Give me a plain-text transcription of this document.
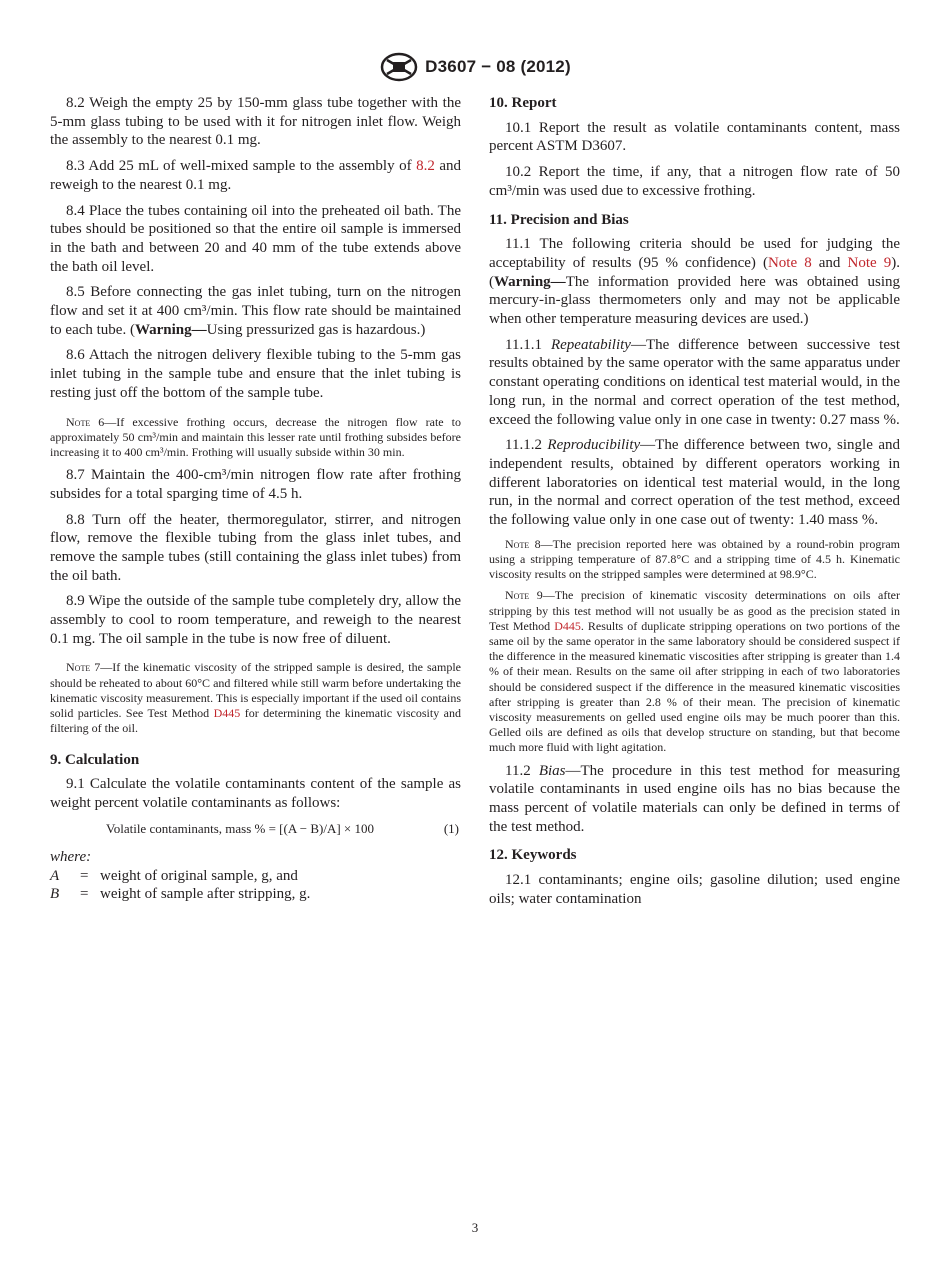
D3607 − 08 (2012)

8.2 Weigh the empty 25 by 150-mm glass tube together with the 5-mm glass tubing to be used with it for nitrogen inlet flow. Weigh the assembly to the nearest 0.1 mg.

8.3 Add 25 mL of well-mixed sample to the assembly of 8.2 and reweigh to the nearest 0.1 mg.

8.4 Place the tubes containing oil into the preheated oil bath. The tubes should be positioned so that the entire oil sample is immersed in the bath and between 20 and 40 mm of the tube extends above the bath oil level.

8.5 Before connecting the gas inlet tubing, turn on the nitrogen flow and set it at 400 cm³/min. This flow rate should be maintained to each tube. (Warning—Using pressurized gas is hazardous.)

8.6 Attach the nitrogen delivery flexible tubing to the 5-mm gas inlet tubing in the sample tube and ensure that the inlet tubing is resting just off the bottom of the sample tube.

Note 6—If excessive frothing occurs, decrease the nitrogen flow rate to approximately 50 cm³/min and maintain this lesser rate until frothing subsides before increasing it to 400 cm³/min. Frothing will usually subside within 30 min.

8.7 Maintain the 400-cm³/min nitrogen flow rate after frothing subsides for a total sparging time of 4.5 h.

8.8 Turn off the heater, thermoregulator, stirrer, and nitrogen flow, remove the flexible tubing from the glass inlet tubes, and remove the sample tubes (still containing the glass inlet tubes) from the oil bath.

8.9 Wipe the outside of the sample tube completely dry, allow the assembly to cool to room temperature, and reweigh to the nearest 0.1 mg. The oil sample in the tube is now free of diluent.

Note 7—If the kinematic viscosity of the stripped sample is desired, the sample should be reheated to about 60°C and filtered while still warm before undertaking the kinematic viscosity measurement. This is especially important if the used oil contains solid particles. See Test Method D445 for determining the kinematic viscosity and filtering of the oil.

9. Calculation

9.1 Calculate the volatile contaminants content of the sample as weight percent volatile contaminants as follows:

Volatile contaminants, mass % = [(A − B)/A] × 100	(1)
where:
A	= weight of original sample, g, and
B	= weight of sample after stripping, g.
10. Report

10.1 Report the result as volatile contaminants content, mass percent ASTM D3607.

10.2 Report the time, if any, that a nitrogen flow rate of 50 cm³/min was used due to excessive frothing.

11. Precision and Bias

11.1 The following criteria should be used for judging the acceptability of results (95 % confidence) (Note 8 and Note 9). (Warning—The information provided here was obtained using mercury-in-glass thermometers only and may not be applicable when other temperature measuring devices are used.)

11.1.1 Repeatability—The difference between successive test results obtained by the same operator with the same apparatus under constant operating conditions on identical test material would, in the long run, in the normal and correct operation of the test method, exceed the following value only in one case in twenty: 0.27 mass %.

11.1.2 Reproducibility—The difference between two, single and independent results, obtained by different operators working in different laboratories on identical test material would, in the long run, in the normal and correct operation of the test method, exceed the following value only in one case out of twenty: 1.40 mass %.

Note 8—The precision reported here was obtained by a round-robin program using a stripping temperature of 87.8°C and a stripping time of 4.5 h. Kinematic viscosity results on the stripped samples were determined at 98.9°C.

Note 9—The precision of kinematic viscosity determinations on oils after stripping by this test method will not usually be as good as the precision stated in Test Method D445. Results of duplicate stripping operations on two portions of the same oil by the same operator in the same laboratory should be considered suspect if the difference in the measured kinematic viscosities after stripping is greater than 1.4 % of their mean. Results on the same oil after stripping in each of two laboratories should be considered suspect if the difference in the measured kinematic viscosities after stripping is greater than 2.8 % of their mean. The precision of kinematic viscosity measurements on gelled used engine oils may be much poorer than this. Gelled oils are defined as oils that develop structure on standing, but that become much more fluid with light agitation.

11.2 Bias—The procedure in this test method for measuring volatile contaminants in used engine oils has no bias because the mass percent of volatile materials can only be defined in terms of the test method.

12. Keywords

12.1 contaminants; engine oils; gasoline dilution; used engine oils; water contamination

3
